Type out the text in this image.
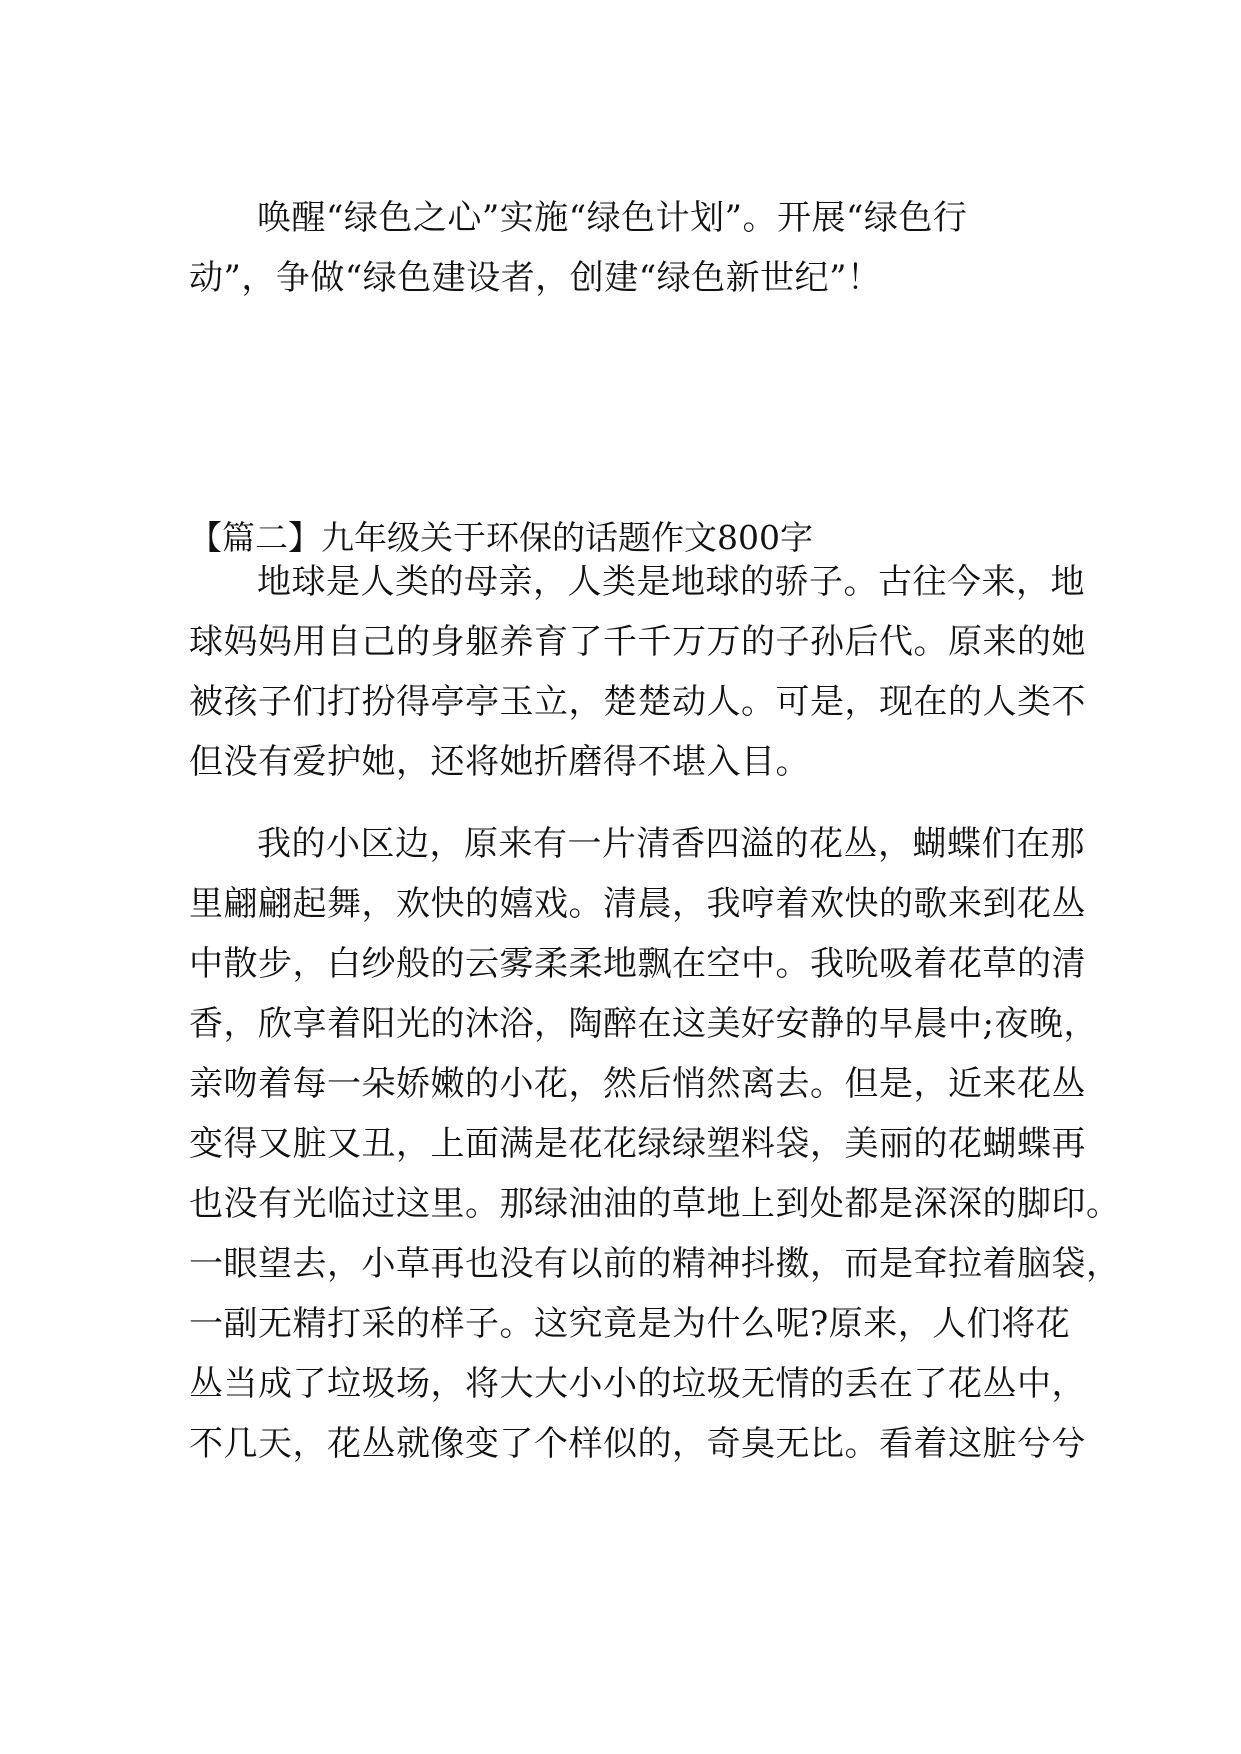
唤醒“绿色之心”实施“绿色计划”。开展“绿色行
动”，争做“绿色建设者，创建“绿色新世纪”！
【篇二】九年级关于环保的话题作文800字
地球是人类的母亲，人类是地球的骄子。古往今来，地
球妈妈用自己的身躯养育了千千万万的子孙后代。原来的她
被孩子们打扮得亭亭玉立，楚楚动人。可是，现在的人类不
但没有爱护她，还将她折磨得不堪入目。
我的小区边，原来有一片清香四溢的花丛，蝴蝶们在那
里翩翩起舞，欢快的嬉戏。清晨，我哼着欢快的歌来到花丛
中散步，白纱般的云雾柔柔地飘在空中。我吮吸着花草的清
香，欣享着阳光的沐浴，陶醉在这美好安静的早晨中;夜晚，
亲吻着每一朵娇嫩的小花，然后悄然离去。但是，近来花丛
变得又脏又丑，上面满是花花绿绿塑料袋，美丽的花蝴蝶再
也没有光临过这里。那绿油油的草地上到处都是深深的脚印。
一眼望去，小草再也没有以前的精神抖擞，而是耷拉着脑袋，
一副无精打采的样子。这究竟是为什么呢?原来，人们将花
丛当成了垃圾场，将大大小小的垃圾无情的丢在了花丛中，
不几天，花丛就像变了个样似的，奇臭无比。看着这脏兮兮
